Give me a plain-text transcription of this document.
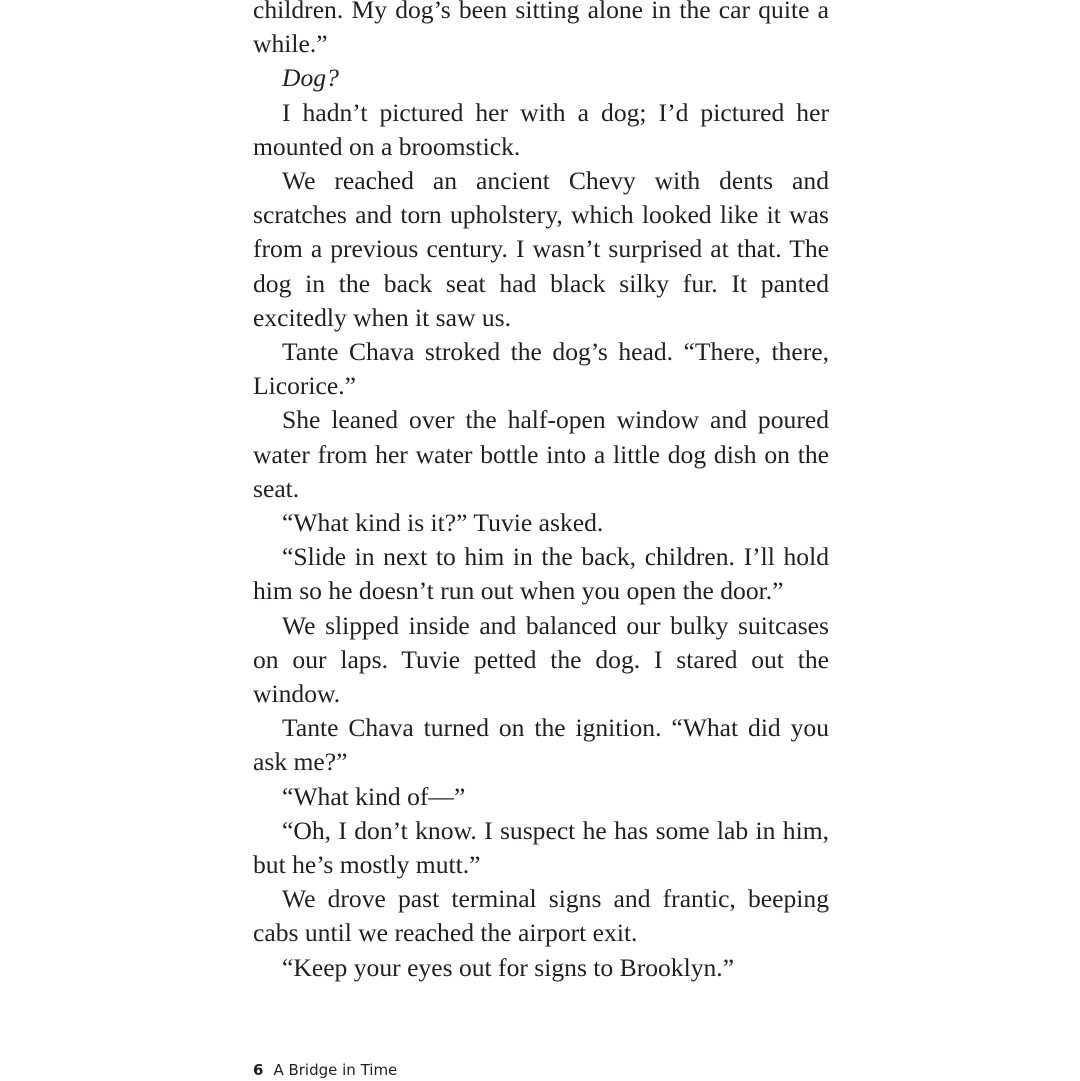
children. My dog’s been sitting alone in the car quite a while.”

Dog?

I hadn’t pictured her with a dog; I’d pictured her mounted on a broomstick.

We reached an ancient Chevy with dents and scratches and torn upholstery, which looked like it was from a previous century. I wasn’t surprised at that. The dog in the back seat had black silky fur. It panted excitedly when it saw us.

Tante Chava stroked the dog’s head. “There, there, Licorice.”

She leaned over the half-open window and poured water from her water bottle into a little dog dish on the seat.

“What kind is it?” Tuvie asked.

“Slide in next to him in the back, children. I’ll hold him so he doesn’t run out when you open the door.”

We slipped inside and balanced our bulky suitcases on our laps. Tuvie petted the dog. I stared out the window.

Tante Chava turned on the ignition. “What did you ask me?”

“What kind of—”

“Oh, I don’t know. I suspect he has some lab in him, but he’s mostly mutt.”

We drove past terminal signs and frantic, beeping cabs until we reached the airport exit.

“Keep your eyes out for signs to Brooklyn.”

6 A Bridge in Time
